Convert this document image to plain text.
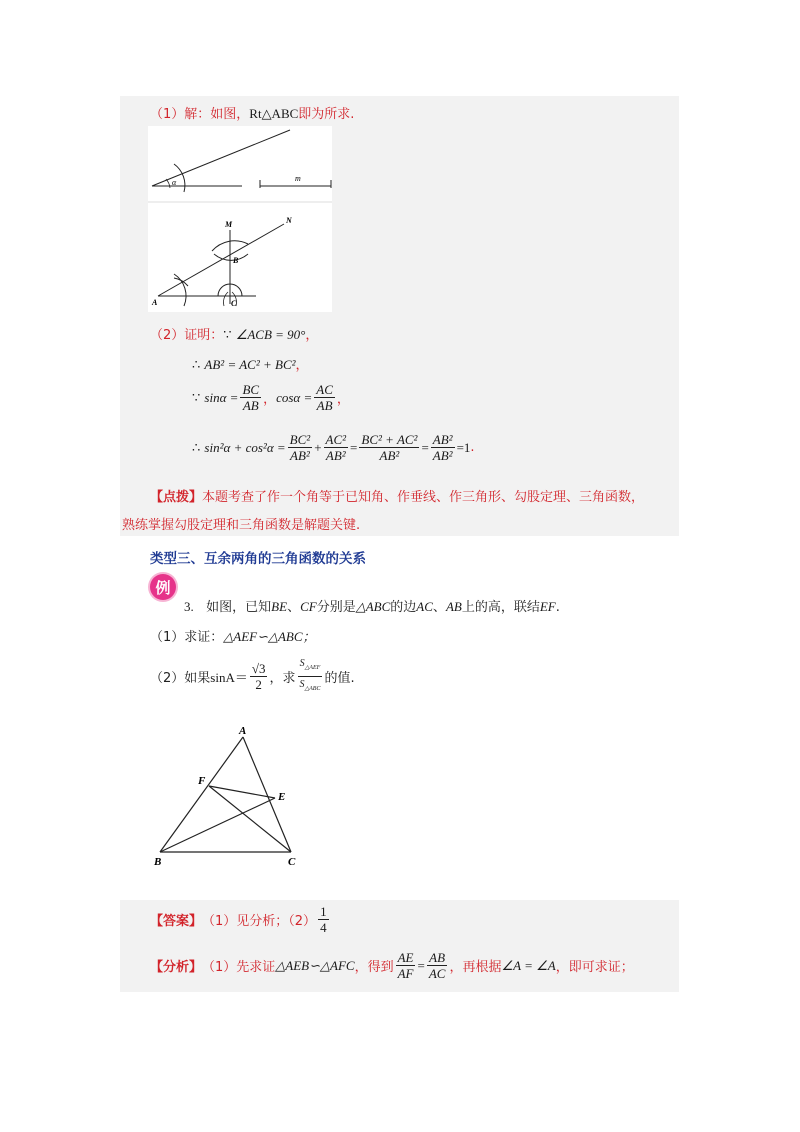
（1）解：如图，Rt△ABC即为所求.
α	m
M	N
B
A	C
（2）证明：∵ ∠ACB = 90°，
∴ AB² = AC² + BC²，
∵
$\sin\alpha = \frac{BC}{AB}$ ， $\cos\alpha = \frac{AC}{AB}$ ，
∴
$\sin^2\alpha + \cos^2\alpha = \frac{\text{BC²}}{\text{AB²}} + \frac{\text{AC²}}{\text{AB²}} = \frac{\text{BC² + AC²}}{\text{AB²}} = \frac{\text{AB²}}{\text{AB²}} = 1$ .
【点拨】本题考查了作一个角等于已知角、作垂线、作三角形、勾股定理、三角函数，
熟练掌握勾股定理和三角函数是解题关键.
类型三、互余两角的三角函数的关系
例
3. 如图，已知BE、CF分别是△ABC的边AC、AB上的高，联结EF.
（1）求证：△AEF∽△ABC；
（2）如果 $\sin A= \frac{√3}{2}$ ，求 $\frac{S_{\triangle AEF}}{S_{\triangle ABC}}$ 的值.
A
F
E
B	C
【答案】 （1）见分析；$(2) \frac{1}{4}$
【分析】 （1）先求证 △AEB∽△AFC ，得到 $\frac{AE}{AF} = \frac{AB}{AC}$ ，再根据 ∠A = ∠A ，即可求证；
